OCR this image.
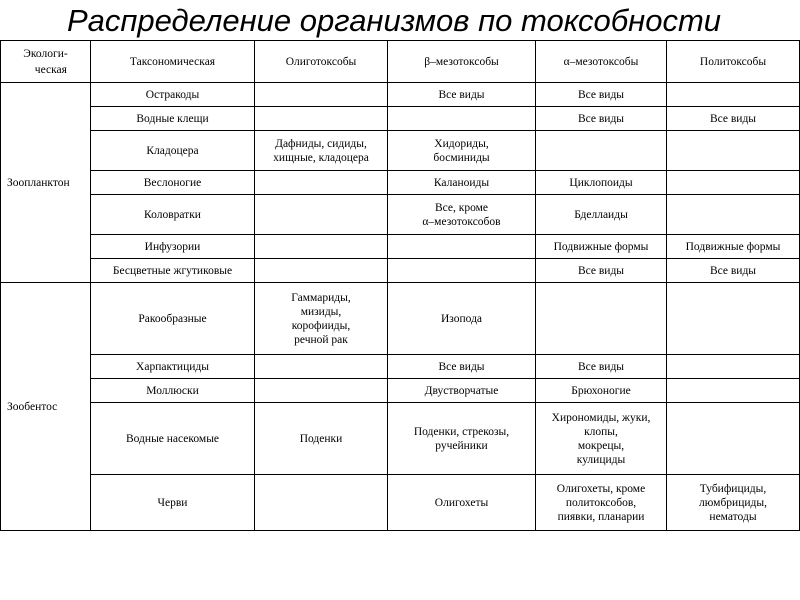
Распределение организмов по токсобности
Экологи-
ческая	Таксономическая	Олиготоксобы	β–мезотоксобы	α–мезотоксобы	Политоксобы
Зоопланктон	Остракоды		Все виды	Все виды	
	Водные клещи			Все виды	Все виды
	Кладоцера	Дафниды, сидиды,
хищные, кладоцера	Хидориды,
босминиды		
	Веслоногие		Каланоиды	Циклопоиды	
	Коловратки		Все, кроме
α–мезотоксобов	Бделлаиды	
	Инфузории			Подвижные формы	Подвижные формы
	Бесцветные жгутиковые			Все виды	Все виды
Зообентос	Ракообразные	Гаммариды,
мизиды,
корофииды,
речной рак	Изопода		
	Харпактициды		Все виды	Все виды	
	Моллюски		Двустворчатые	Брюхоногие	
	Водные насекомые	Поденки	Поденки, стрекозы,
ручейники	Хирономиды, жуки,
клопы,
мокрецы,
кулициды	
	Черви		Олигохеты	Олигохеты, кроме
политоксобов,
пиявки, планарии	Тубифициды,
люмбрициды,
нематоды
